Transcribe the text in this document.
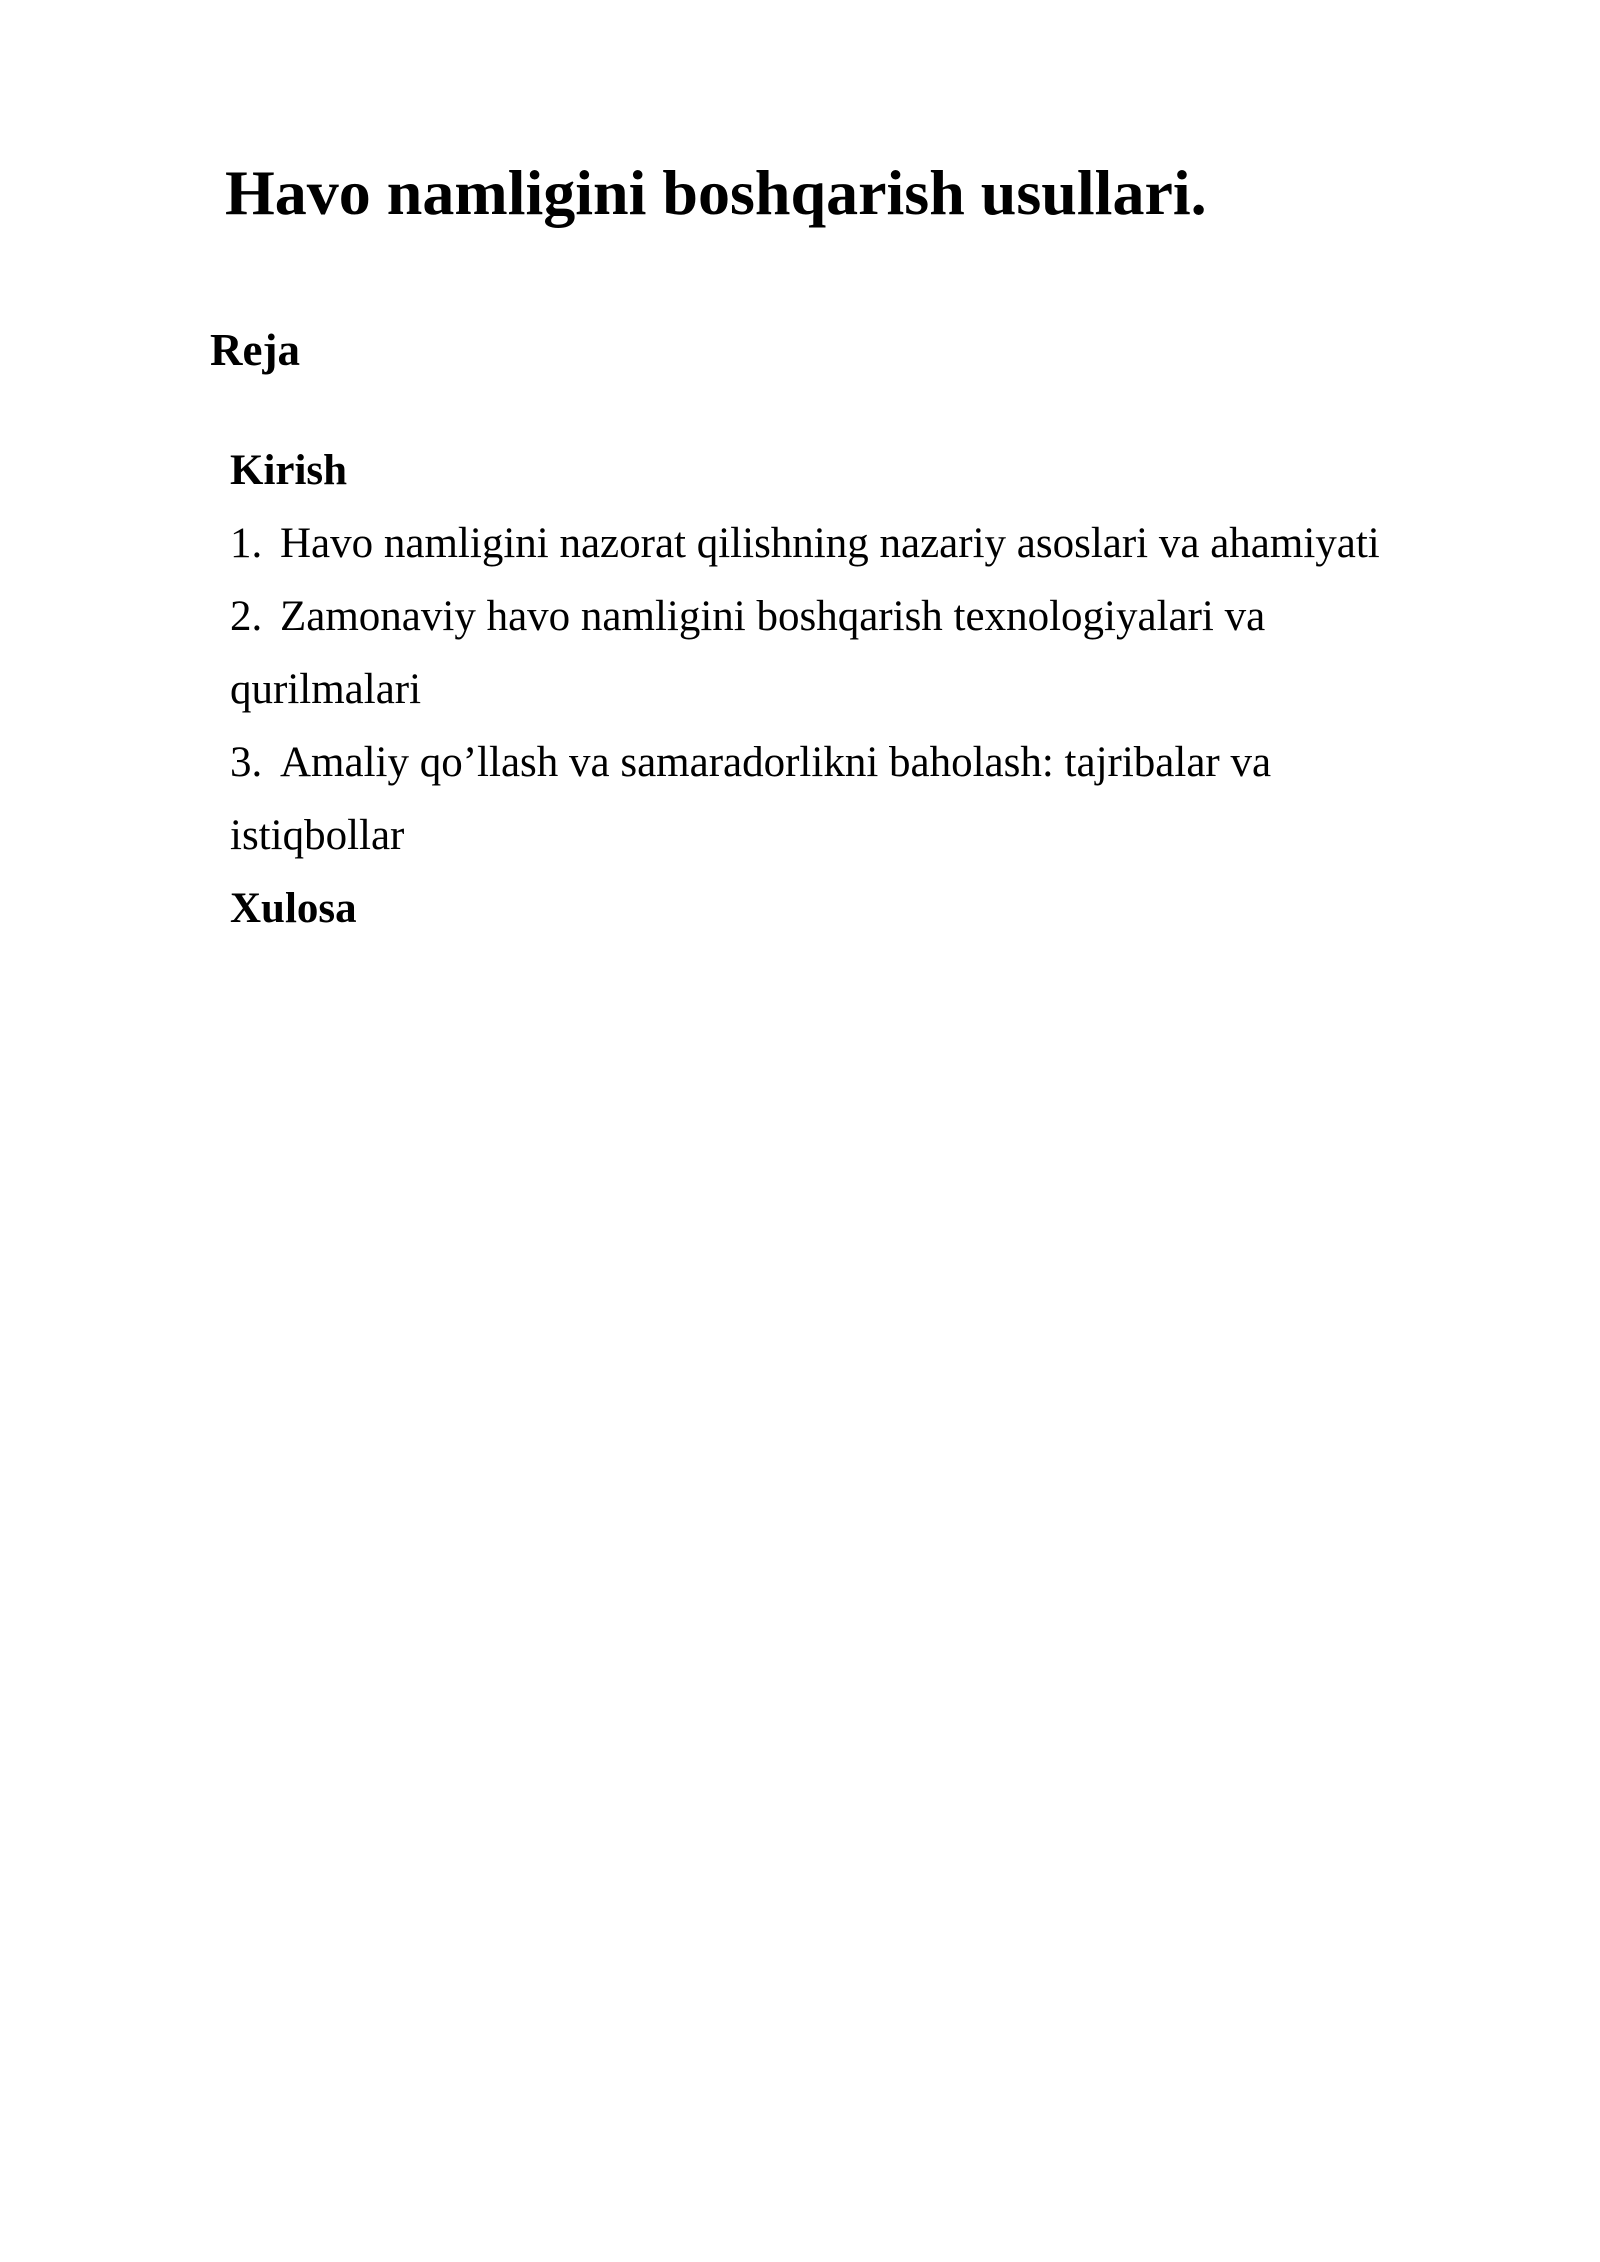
Havo namligini boshqarish usullari.
Reja
Kirish
1. Havo namligini nazorat qilishning nazariy asoslari va ahamiyati
2. Zamonaviy havo namligini boshqarish texnologiyalari va
qurilmalari
3. Amaliy qo’llash va samaradorlikni baholash: tajribalar va
istiqbollar
Xulosa
